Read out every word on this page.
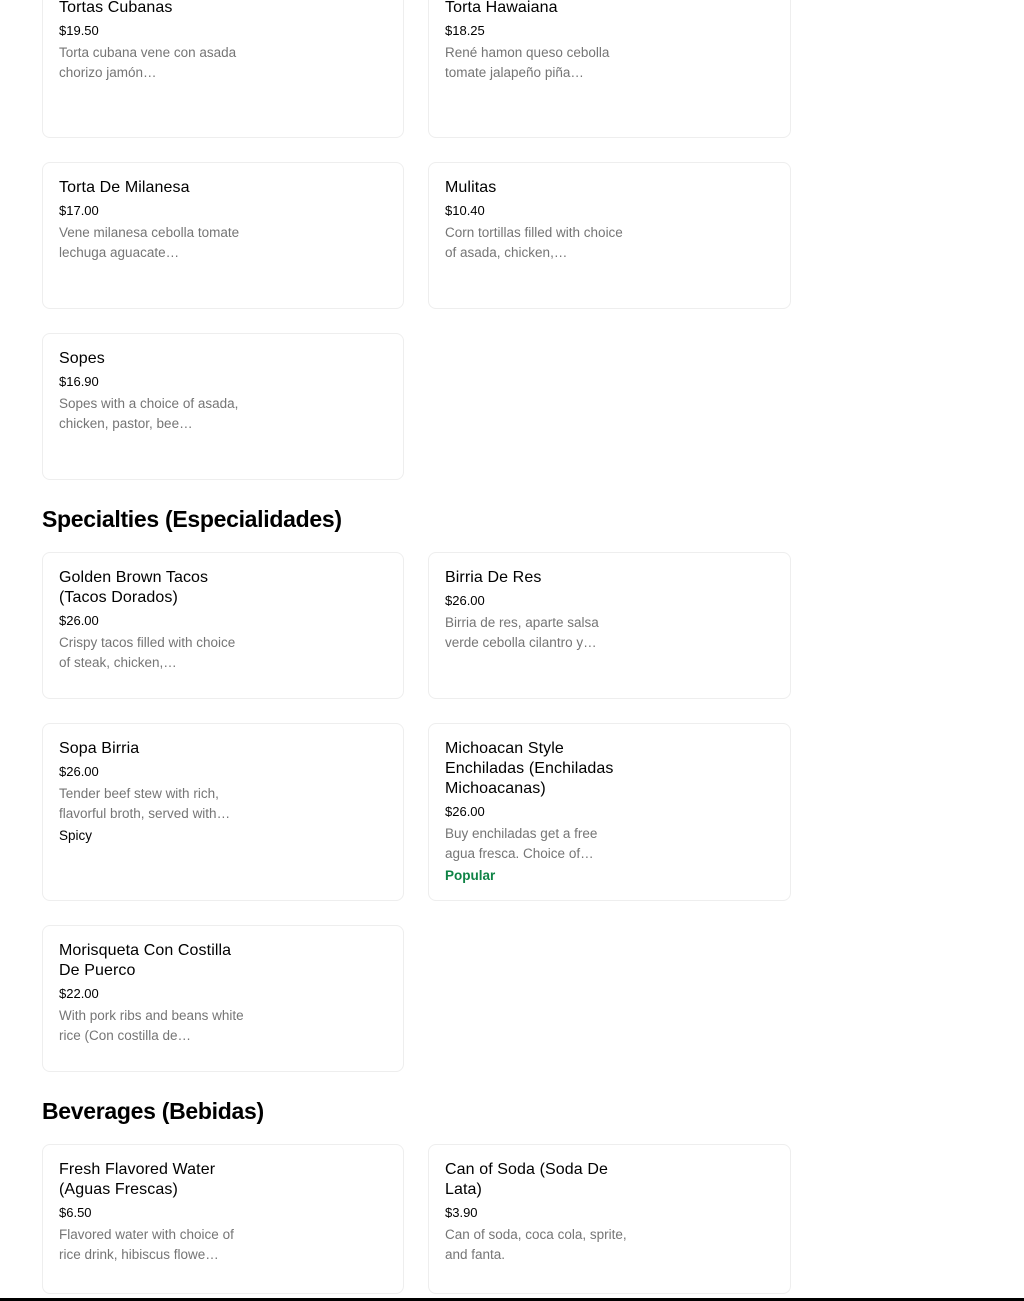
Tortas Cubanas
$19.50
Torta cubana vene con asada chorizo jamón…
Torta Hawaiana
$18.25
René hamon queso cebolla tomate jalapeño piña…
Torta De Milanesa
$17.00
Vene milanesa cebolla tomate lechuga aguacate…
Mulitas
$10.40
Corn tortillas filled with choice of asada, chicken,…
Sopes
$16.90
Sopes with a choice of asada, chicken, pastor, bee…
Specialties (Especialidades)
Golden Brown Tacos (Tacos Dorados)
$26.00
Crispy tacos filled with choice of steak, chicken,…
Birria De Res
$26.00
Birria de res, aparte salsa verde cebolla cilantro y…
Sopa Birria
$26.00
Tender beef stew with rich, flavorful broth, served with…
Spicy
Michoacan Style Enchiladas (Enchiladas Michoacanas)
$26.00
Buy enchiladas get a free agua fresca. Choice of…
Popular
Morisqueta Con Costilla De Puerco
$22.00
With pork ribs and beans white rice (Con costilla de…
Beverages (Bebidas)
Fresh Flavored Water (Aguas Frescas)
$6.50
Flavored water with choice of rice drink, hibiscus flowe…
Can of Soda (Soda De Lata)
$3.90
Can of soda, coca cola, sprite, and fanta.
